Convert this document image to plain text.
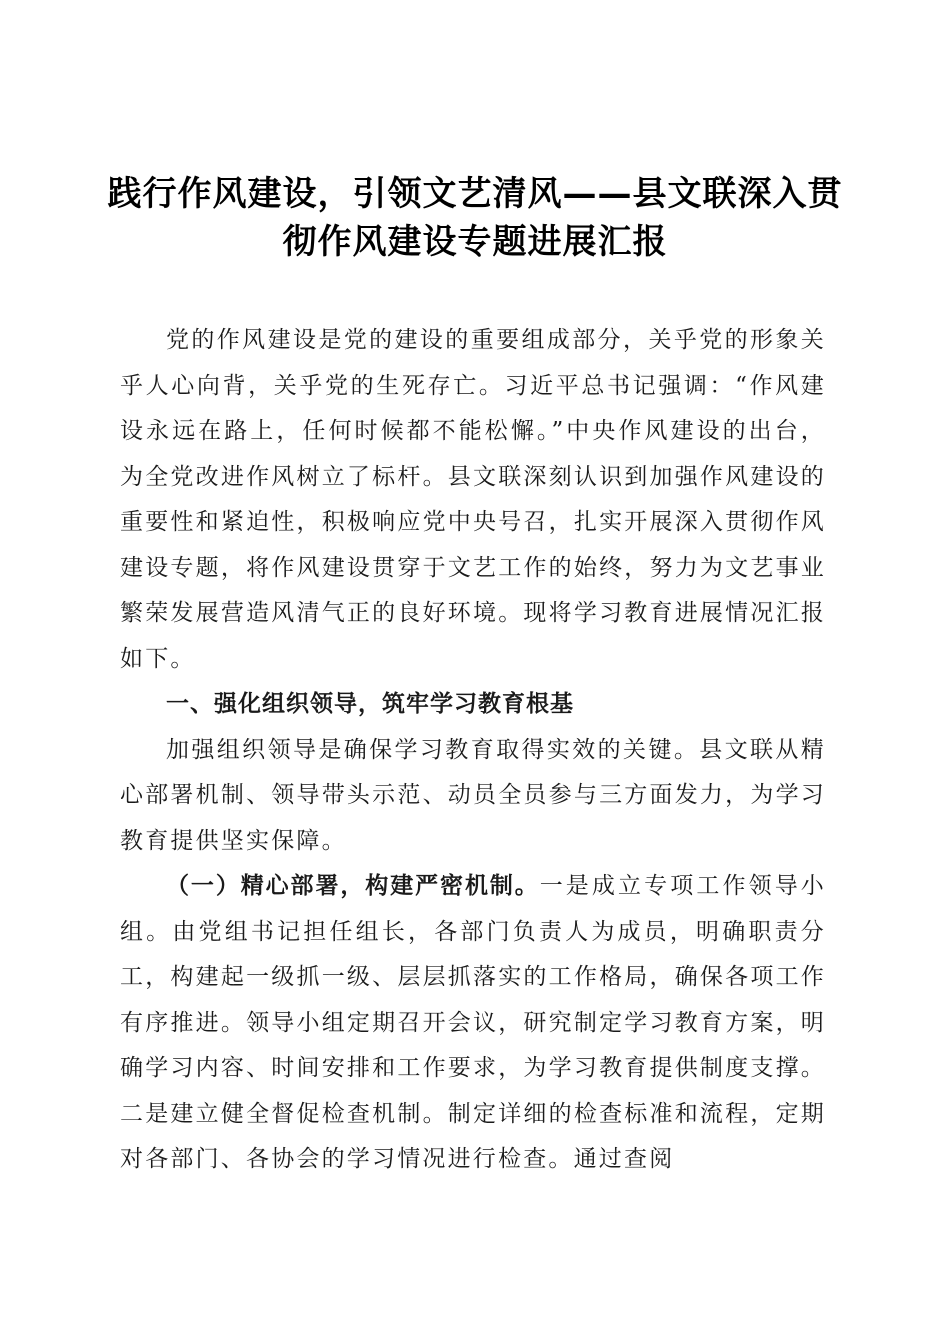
践行作风建设，引领文艺清风——县文联深入贯彻作风建设专题进展汇报

党的作风建设是党的建设的重要组成部分，关乎党的形象关乎人心向背，关乎党的生死存亡。习近平总书记强调：“作风建设永远在路上，任何时候都不能松懈。”中央作风建设的出台，为全党改进作风树立了标杆。县文联深刻认识到加强作风建设的重要性和紧迫性，积极响应党中央号召，扎实开展深入贯彻作风建设专题，将作风建设贯穿于文艺工作的始终，努力为文艺事业繁荣发展营造风清气正的良好环境。现将学习教育进展情况汇报如下。

一、强化组织领导，筑牢学习教育根基

加强组织领导是确保学习教育取得实效的关键。县文联从精心部署机制、领导带头示范、动员全员参与三方面发力，为学习教育提供坚实保障。

（一）精心部署，构建严密机制。一是成立专项工作领导小组。由党组书记担任组长，各部门负责人为成员，明确职责分工，构建起一级抓一级、层层抓落实的工作格局，确保各项工作有序推进。领导小组定期召开会议，研究制定学习教育方案，明确学习内容、时间安排和工作要求，为学习教育提供制度支撑。二是建立健全督促检查机制。制定详细的检查标准和流程，定期对各部门、各协会的学习情况进行检查。通过查阅
